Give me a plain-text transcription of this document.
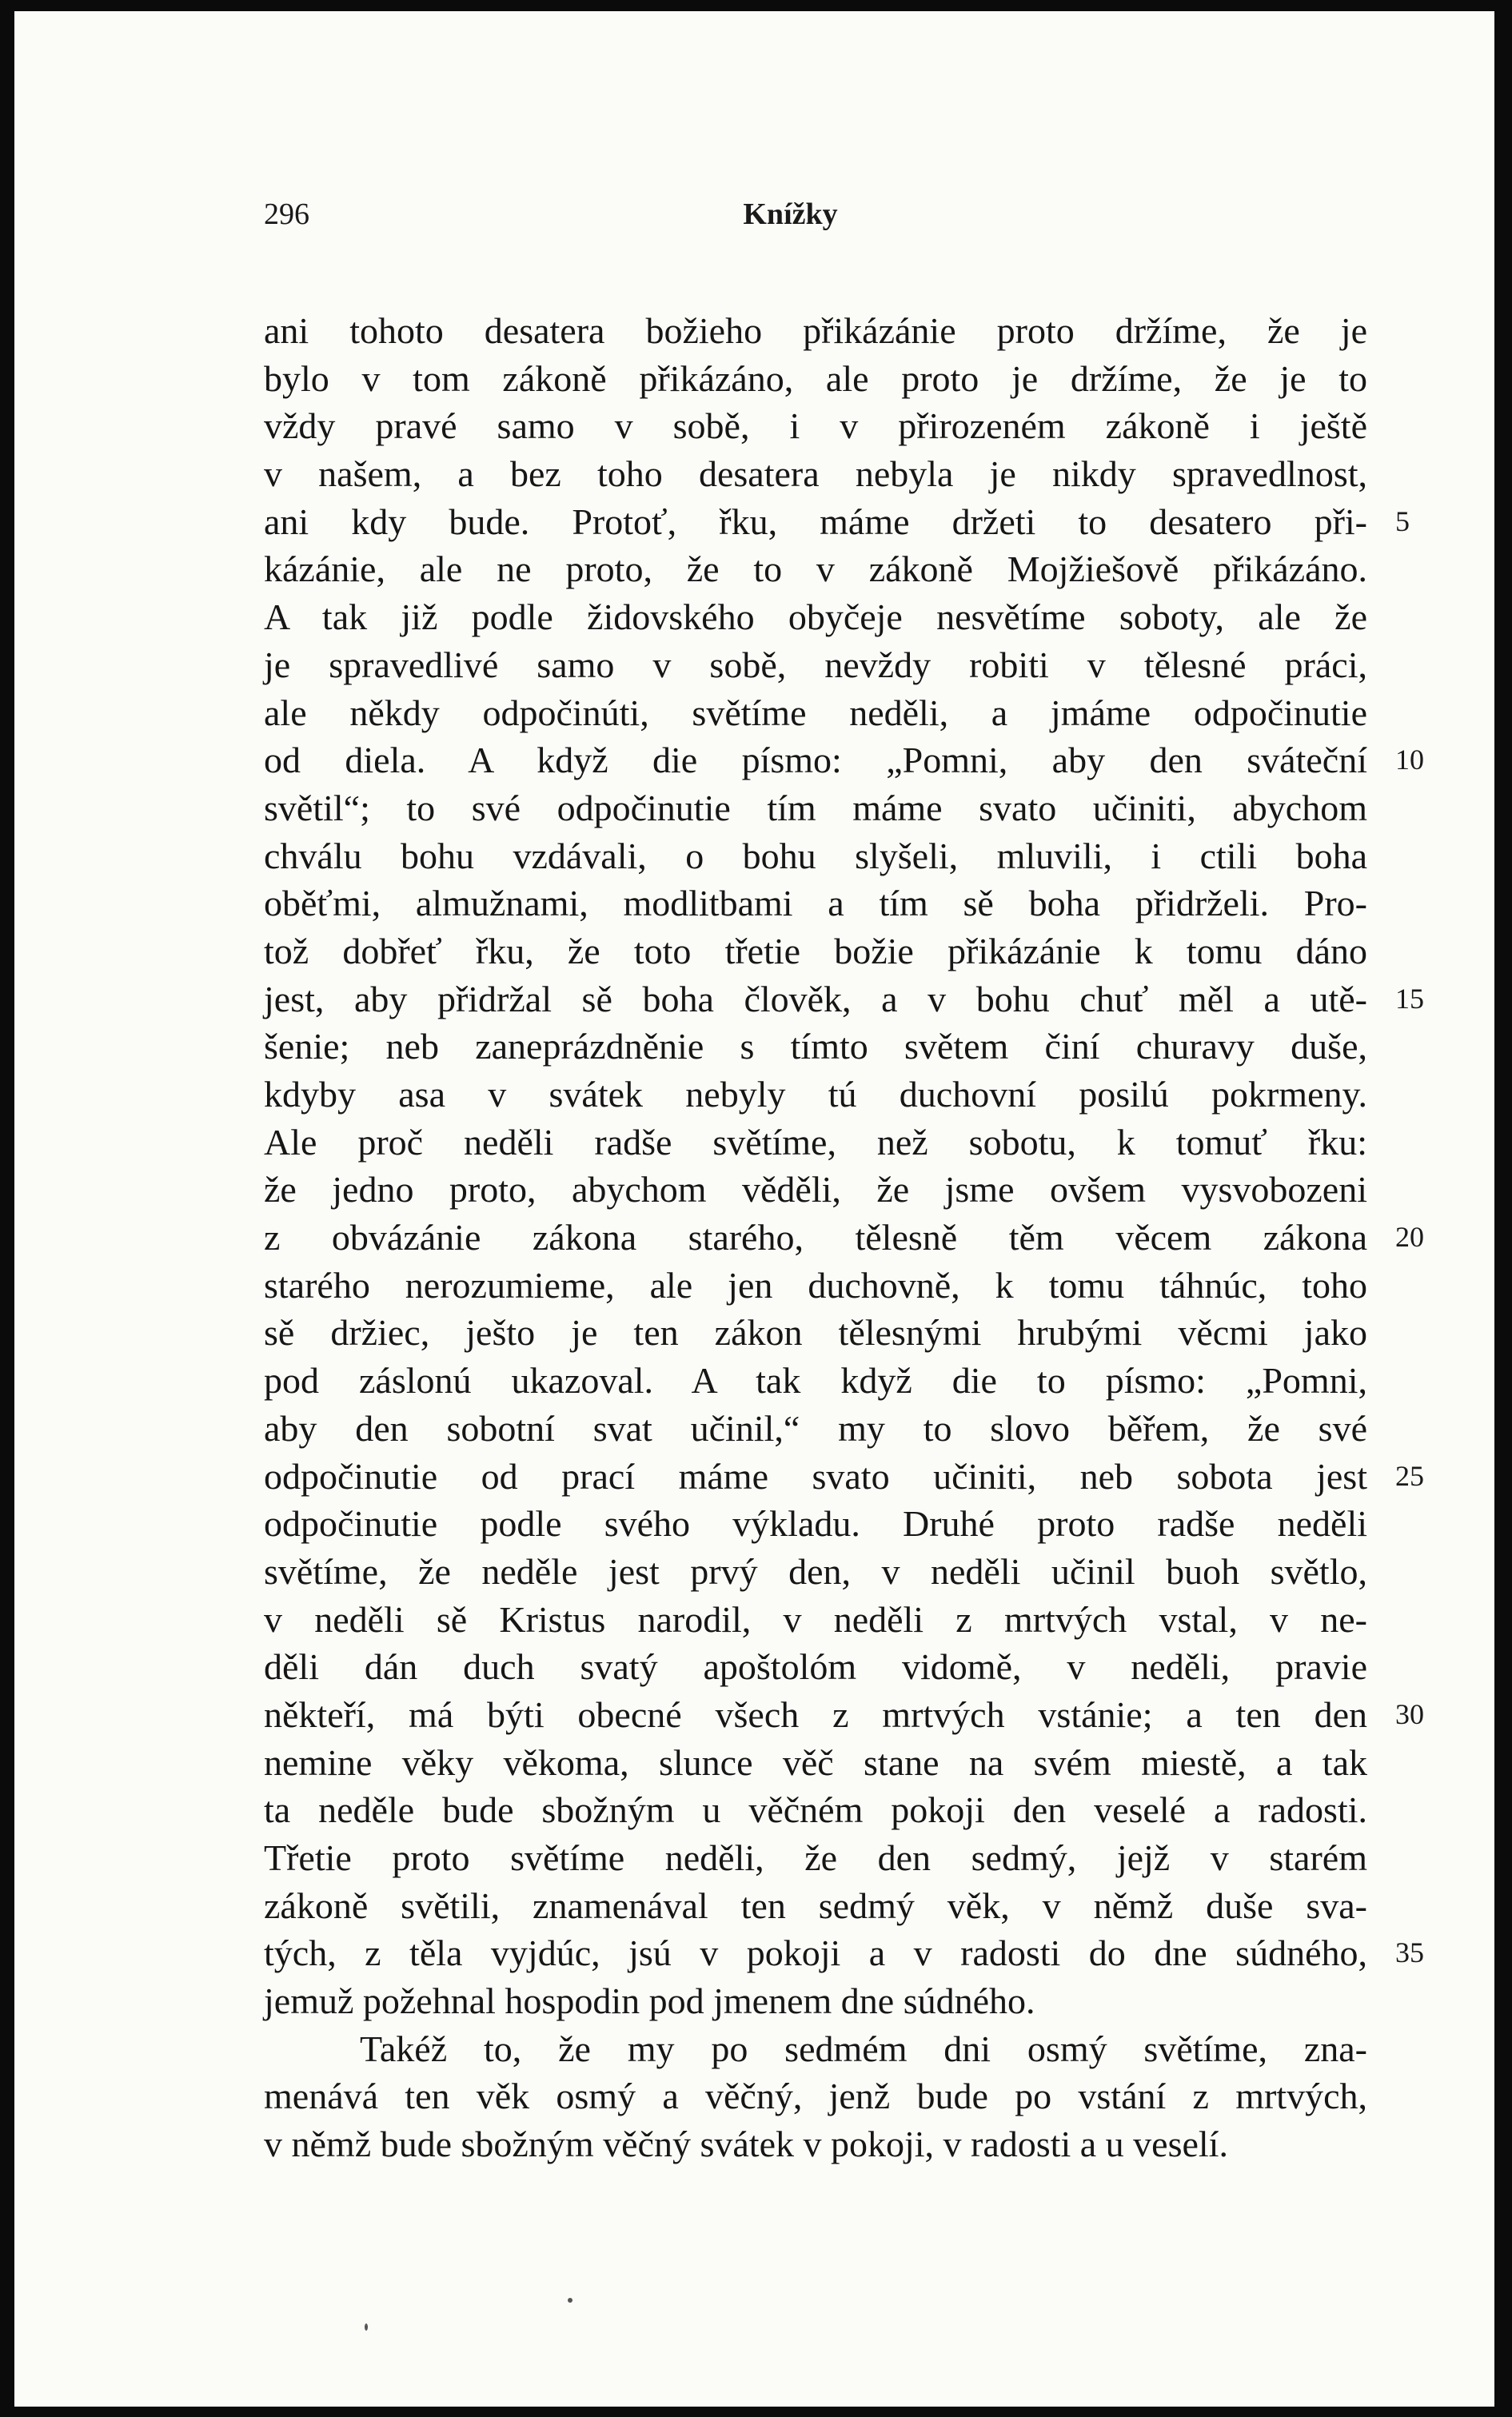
296	Knížky
ani tohoto desatera božieho přikázánie proto držíme, že je
bylo v tom zákoně přikázáno, ale proto je držíme, že je to
vždy pravé samo v sobě, i v přirozeném zákoně i ještě
v našem, a bez toho desatera nebyla je nikdy spravedlnost,
ani kdy bude. Protoť, řku, máme držeti to desatero při- 5
kázánie, ale ne proto, že to v zákoně Mojžiešově přikázáno.
A tak již podle židovského obyčeje nesvětíme soboty, ale že
je spravedlivé samo v sobě, nevždy robiti v tělesné práci,
ale někdy odpočinúti, světíme neděli, a jmáme odpočinutie
od diela. A když die písmo: „Pomni, aby den sváteční 10
světil“; to své odpočinutie tím máme svato učiniti, abychom
chválu bohu vzdávali, o bohu slyšeli, mluvili, i ctili boha
oběťmi, almužnami, modlitbami a tím sě boha přidrželi. Pro-
tož dobřeť řku, že toto třetie božie přikázánie k tomu dáno
jest, aby přidržal sě boha člověk, a v bohu chuť měl a utě- 15
šenie; neb zaneprázdněnie s tímto světem činí churavy duše,
kdyby asa v svátek nebyly tú duchovní posilú pokrmeny.
Ale proč neděli radše světíme, než sobotu, k tomuť řku:
že jedno proto, abychom věděli, že jsme ovšem vysvobozeni
z obvázánie zákona starého, tělesně těm věcem zákona 20
starého nerozumieme, ale jen duchovně, k tomu táhnúc, toho
sě držiec, ješto je ten zákon tělesnými hrubými věcmi jako
pod záslonú ukazoval. A tak když die to písmo: „Pomni,
aby den sobotní svat učinil,“ my to slovo běřem, že své
odpočinutie od prací máme svato učiniti, neb sobota jest 25
odpočinutie podle svého výkladu. Druhé proto radše neděli
světíme, že neděle jest prvý den, v neděli učinil buoh světlo,
v neděli sě Kristus narodil, v neděli z mrtvých vstal, v ne-
děli dán duch svatý apoštolóm vidomě, v neděli, pravie
někteří, má býti obecné všech z mrtvých vstánie; a ten den 30
nemine věky věkoma, slunce věč stane na svém miestě, a tak
ta neděle bude sbožným u věčném pokoji den veselé a radosti.
Třetie proto světíme neděli, že den sedmý, jejž v starém
zákoně světili, znamenával ten sedmý věk, v němž duše sva-
tých, z těla vyjdúc, jsú v pokoji a v radosti do dne súdného, 35
jemuž požehnal hospodin pod jmenem dne súdného.
Takéž to, že my po sedmém dni osmý světíme, zna-
menává ten věk osmý a věčný, jenž bude po vstání z mrtvých,
v němž bude sbožným věčný svátek v pokoji, v radosti a u veselí.
